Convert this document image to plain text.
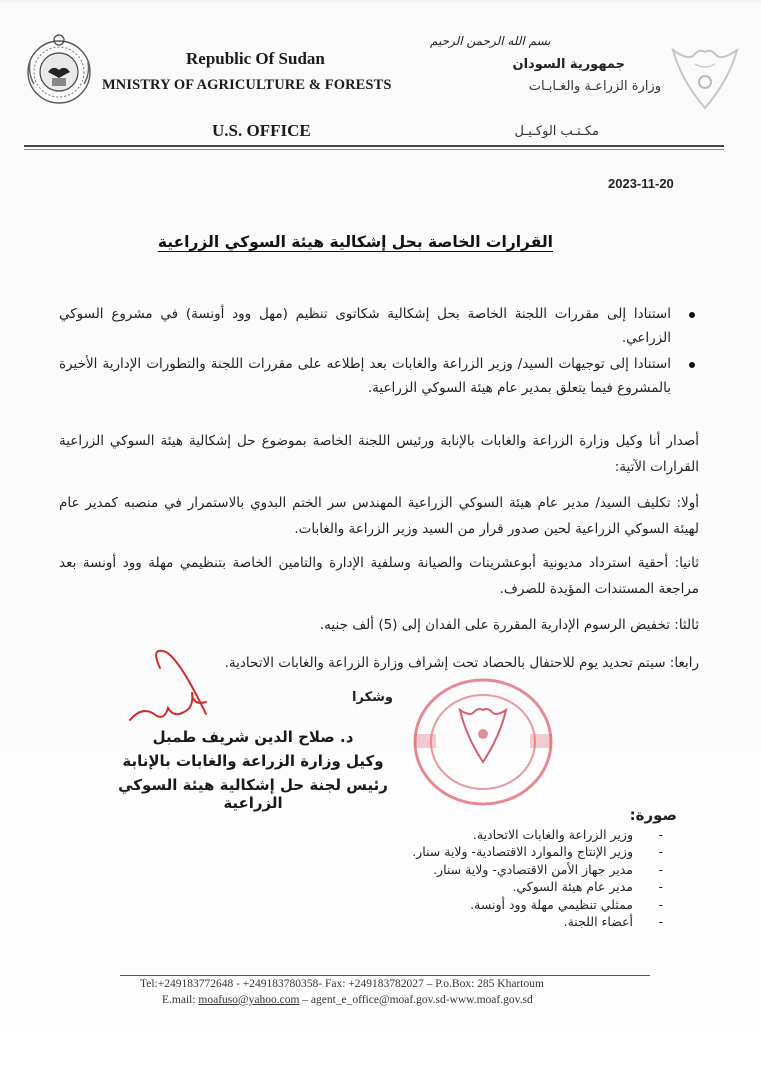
بسم الله الرحمن الرحيم
Republic Of Sudan
MNISTRY OF AGRICULTURE & FORESTS
U.S. OFFICE
جمهورية السودان
وزارة الزراعـة والغـابـات
مكـتـب الوكـيـل
2023-11-20
القرارات الخاصة بحل إشكالية هيئة السوكي الزراعية
استنادا إلى مقررات اللجنة الخاصة بحل إشكالية شكاتوى تنظيم (مهل وود أونسة) في مشروع السوكي الزراعي.
استنادا إلى توجيهات السيد/ وزير الزراعة والغابات بعد إطلاعه على مقررات اللجنة والتطورات الإدارية الأخيرة بالمشروع فيما يتعلق بمدير عام هيئة السوكي الزراعية.
أصدار أنا وكيل وزارة الزراعة والغابات بالإنابة ورئيس اللجنة الخاصة بموضوع حل إشكالية هيئة السوكي الزراعية القرارات الآتية:
أولا: تكليف السيد/ مدير عام هيئة السوكي الزراعية المهندس سر الختم البدوي بالاستمرار في منصبه كمدير عام لهيئة السوكي الزراعية لحين صدور قرار من السيد وزير الزراعة والغابات.
ثانيا: أحقية استرداد مديونية أبوعشرينات والصيانة وسلفية الإدارة والتامين الخاصة بتنظيمي مهلة وود أونسة بعد مراجعة المستندات المؤيدة للصرف.
ثالثا: تخفيض الرسوم الإدارية المقررة على الفدان إلى (5) ألف جنيه.
رابعا: سيتم تحديد يوم للاحتفال بالحصاد تحت إشراف وزارة الزراعة والغابات الاتحادية.
وشكرا
د. صلاح الدين شريف طمبل
وكيل وزارة الزراعة والغابات بالإنابة
رئيس لجنة حل إشكالية هيئة السوكي الزراعية
صورة:
-
وزير الزراعة والغابات الاتحادية.
-
وزير الإنتاج والموارد الاقتصادية- ولاية سنار.
-
مدير جهاز الأمن الاقتصادي- ولاية سنار.
-
مدير عام هيئة السوكي.
-
ممثلي تنظيمي مهلة وود أونسة.
-
أعضاء اللجنة.
Tel:+249183772648 - +249183780358- Fax: +249183782027 – P.o.Box: 285 Khartoum
E.mail: moafuso@yahoo.com – agent_e_office@moaf.gov.sd-www.moaf.gov.sd
